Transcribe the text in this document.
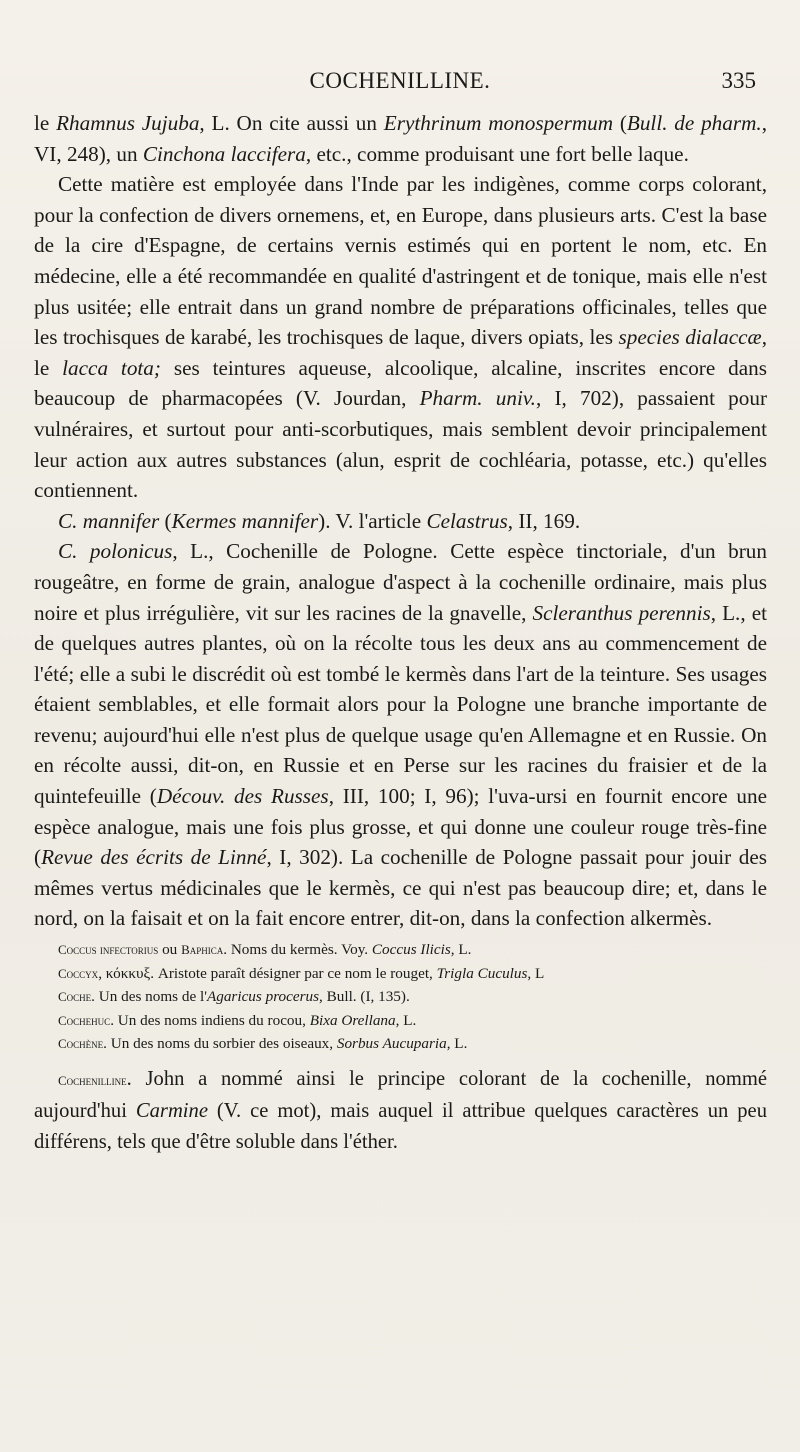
COCHENILLINE.	335

le Rhamnus Jujuba, L. On cite aussi un Erythrinum monospermum (Bull. de pharm., VI, 248), un Cinchona laccifera, etc., comme produisant une fort belle laque.

Cette matière est employée dans l'Inde par les indigènes, comme corps colorant, pour la confection de divers ornemens, et, en Europe, dans plusieurs arts. C'est la base de la cire d'Espagne, de certains vernis estimés qui en portent le nom, etc. En médecine, elle a été recommandée en qualité d'astringent et de tonique, mais elle n'est plus usitée; elle entrait dans un grand nombre de préparations officinales, telles que les trochisques de karabé, les trochisques de laque, divers opiats, les species dialaccæ, le lacca tota; ses teintures aqueuse, alcoolique, alcaline, inscrites encore dans beaucoup de pharmacopées (V. Jourdan, Pharm. univ., I, 702), passaient pour vulnéraires, et surtout pour anti-scorbutiques, mais semblent devoir principalement leur action aux autres substances (alun, esprit de cochléaria, potasse, etc.) qu'elles contiennent.

C. mannifer (Kermes mannifer). V. l'article Celastrus, II, 169.

C. polonicus, L., Cochenille de Pologne. Cette espèce tinctoriale, d'un brun rougeâtre, en forme de grain, analogue d'aspect à la cochenille ordinaire, mais plus noire et plus irrégulière, vit sur les racines de la gnavelle, Scleranthus perennis, L., et de quelques autres plantes, où on la récolte tous les deux ans au commencement de l'été; elle a subi le discrédit où est tombé le kermès dans l'art de la teinture. Ses usages étaient semblables, et elle formait alors pour la Pologne une branche importante de revenu; aujourd'hui elle n'est plus de quelque usage qu'en Allemagne et en Russie. On en récolte aussi, dit-on, en Russie et en Perse sur les racines du fraisier et de la quintefeuille (Découv. des Russes, III, 100; I, 96); l'uva-ursi en fournit encore une espèce analogue, mais une fois plus grosse, et qui donne une couleur rouge très-fine (Revue des écrits de Linné, I, 302). La cochenille de Pologne passait pour jouir des mêmes vertus médicinales que le kermès, ce qui n'est pas beaucoup dire; et, dans le nord, on la faisait et on la fait encore entrer, dit-on, dans la confection alkermès.

Coccus infectorius ou Baphica. Noms du kermès. Voy. Coccus Ilicis, L.

Coccyx, κόκκυξ. Aristote paraît désigner par ce nom le rouget, Trigla Cuculus, L

Coche. Un des noms de l'Agaricus procerus, Bull. (I, 135).

Cochehuc. Un des noms indiens du rocou, Bixa Orellana, L.

Cochène. Un des noms du sorbier des oiseaux, Sorbus Aucuparia, L.

Cochenilline. John a nommé ainsi le principe colorant de la cochenille, nommé aujourd'hui Carmine (V. ce mot), mais auquel il attribue quelques caractères un peu différens, tels que d'être soluble dans l'éther.
